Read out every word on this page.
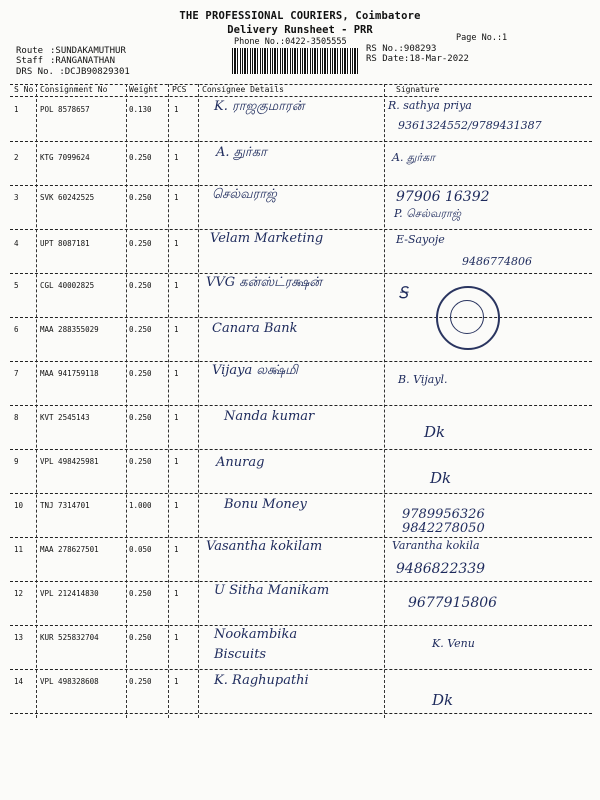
THE PROFESSIONAL COURIERS, Coimbatore
Delivery Runsheet - PRR
Phone No.:0422-3505555	Page No.:1
Route :SUNDAKAMUTHUR
Staff :RANGANATHAN
DRS No. :DCJB90829301
RS No.:908293
RS Date:18-Mar-2022
S No Consignment No	Weight PCS Consignee Details	Signature
1	POL 8578657	0.130	1	K. ராஜகுமாரன்	R. sathya priya
9361324552/9789431387
2	KTG 7099624	0.250	1	A. துர்கா	A. துர்கா
3	SVK 60242525	0.250	1	செல்வராஜ்	97906 16392
P. செல்வராஜ்
4	UPT 8087181	0.250	1 Velam Marketing	E-Sayoje
9486774806
5	CGL 40002825	0.250	1 VVG கன்ஸ்ட்ரக்ஷன்
Ꭶ
6	MAA 288355029	0.250	1	Canara Bank
7	MAA 941759118	0.250	1	Vijaya லக்ஷ்மி
B. Vijayl.
8	KVT 2545143	0.250	1	Nanda kumar
Dk
9	VPL 498425981	0.250	1	Anurag
Dk
10 TNJ 7314701	1.000	1	Bonu Money
9789956326
9842278050
11 MAA 278627501	0.050	1 Vasantha kokilam	Varantha kokila
9486822339
12 VPL 212414830	0.250	1	U Sitha Manikam
9677915806
13 KUR 525832704	0.250	1	Nookambika
Biscuits
K. Venu
14 VPL 498328608	0.250	1	K. Raghupathi
Dk
